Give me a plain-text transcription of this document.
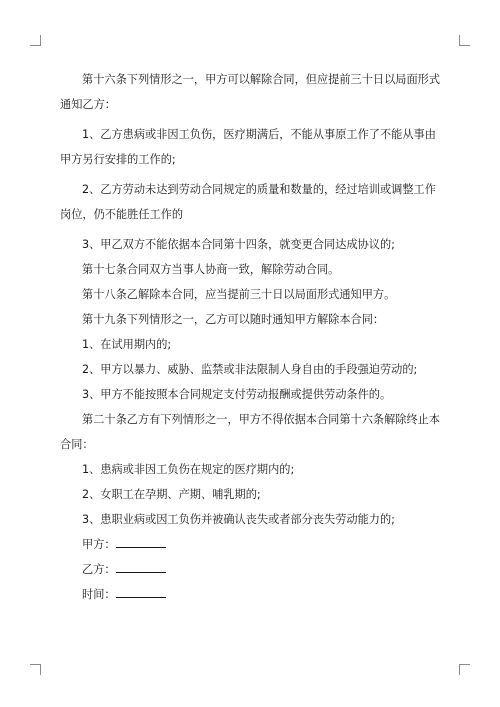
第十六条下列情形之一，甲方可以解除合同，但应提前三十日以局面形式通知乙方：

1、乙方患病或非因工负伤，医疗期满后，不能从事原工作了不能从事由甲方另行安排的工作的;

2、乙方劳动未达到劳动合同规定的质量和数量的，经过培训或调整工作岗位，仍不能胜任工作的

3、甲乙双方不能依据本合同第十四条，就变更合同达成协议的;

第十七条合同双方当事人协商一致，解除劳动合同。

第十八条乙解除本合同，应当提前三十日以局面形式通知甲方。

第十九条下列情形之一，乙方可以随时通知甲方解除本合同：

1、在试用期内的;

2、甲方以暴力、威胁、监禁或非法限制人身自由的手段强迫劳动的;

3、甲方不能按照本合同规定支付劳动报酬或提供劳动条件的。

第二十条乙方有下列情形之一，甲方不得依据本合同第十六条解除终止本合同：

1、患病或非因工负伤在规定的医疗期内的;

2、女职工在孕期、产期、哺乳期的;

3、患职业病或因工负伤并被确认丧失或者部分丧失劳动能力的;

甲方：

乙方：

时间：
